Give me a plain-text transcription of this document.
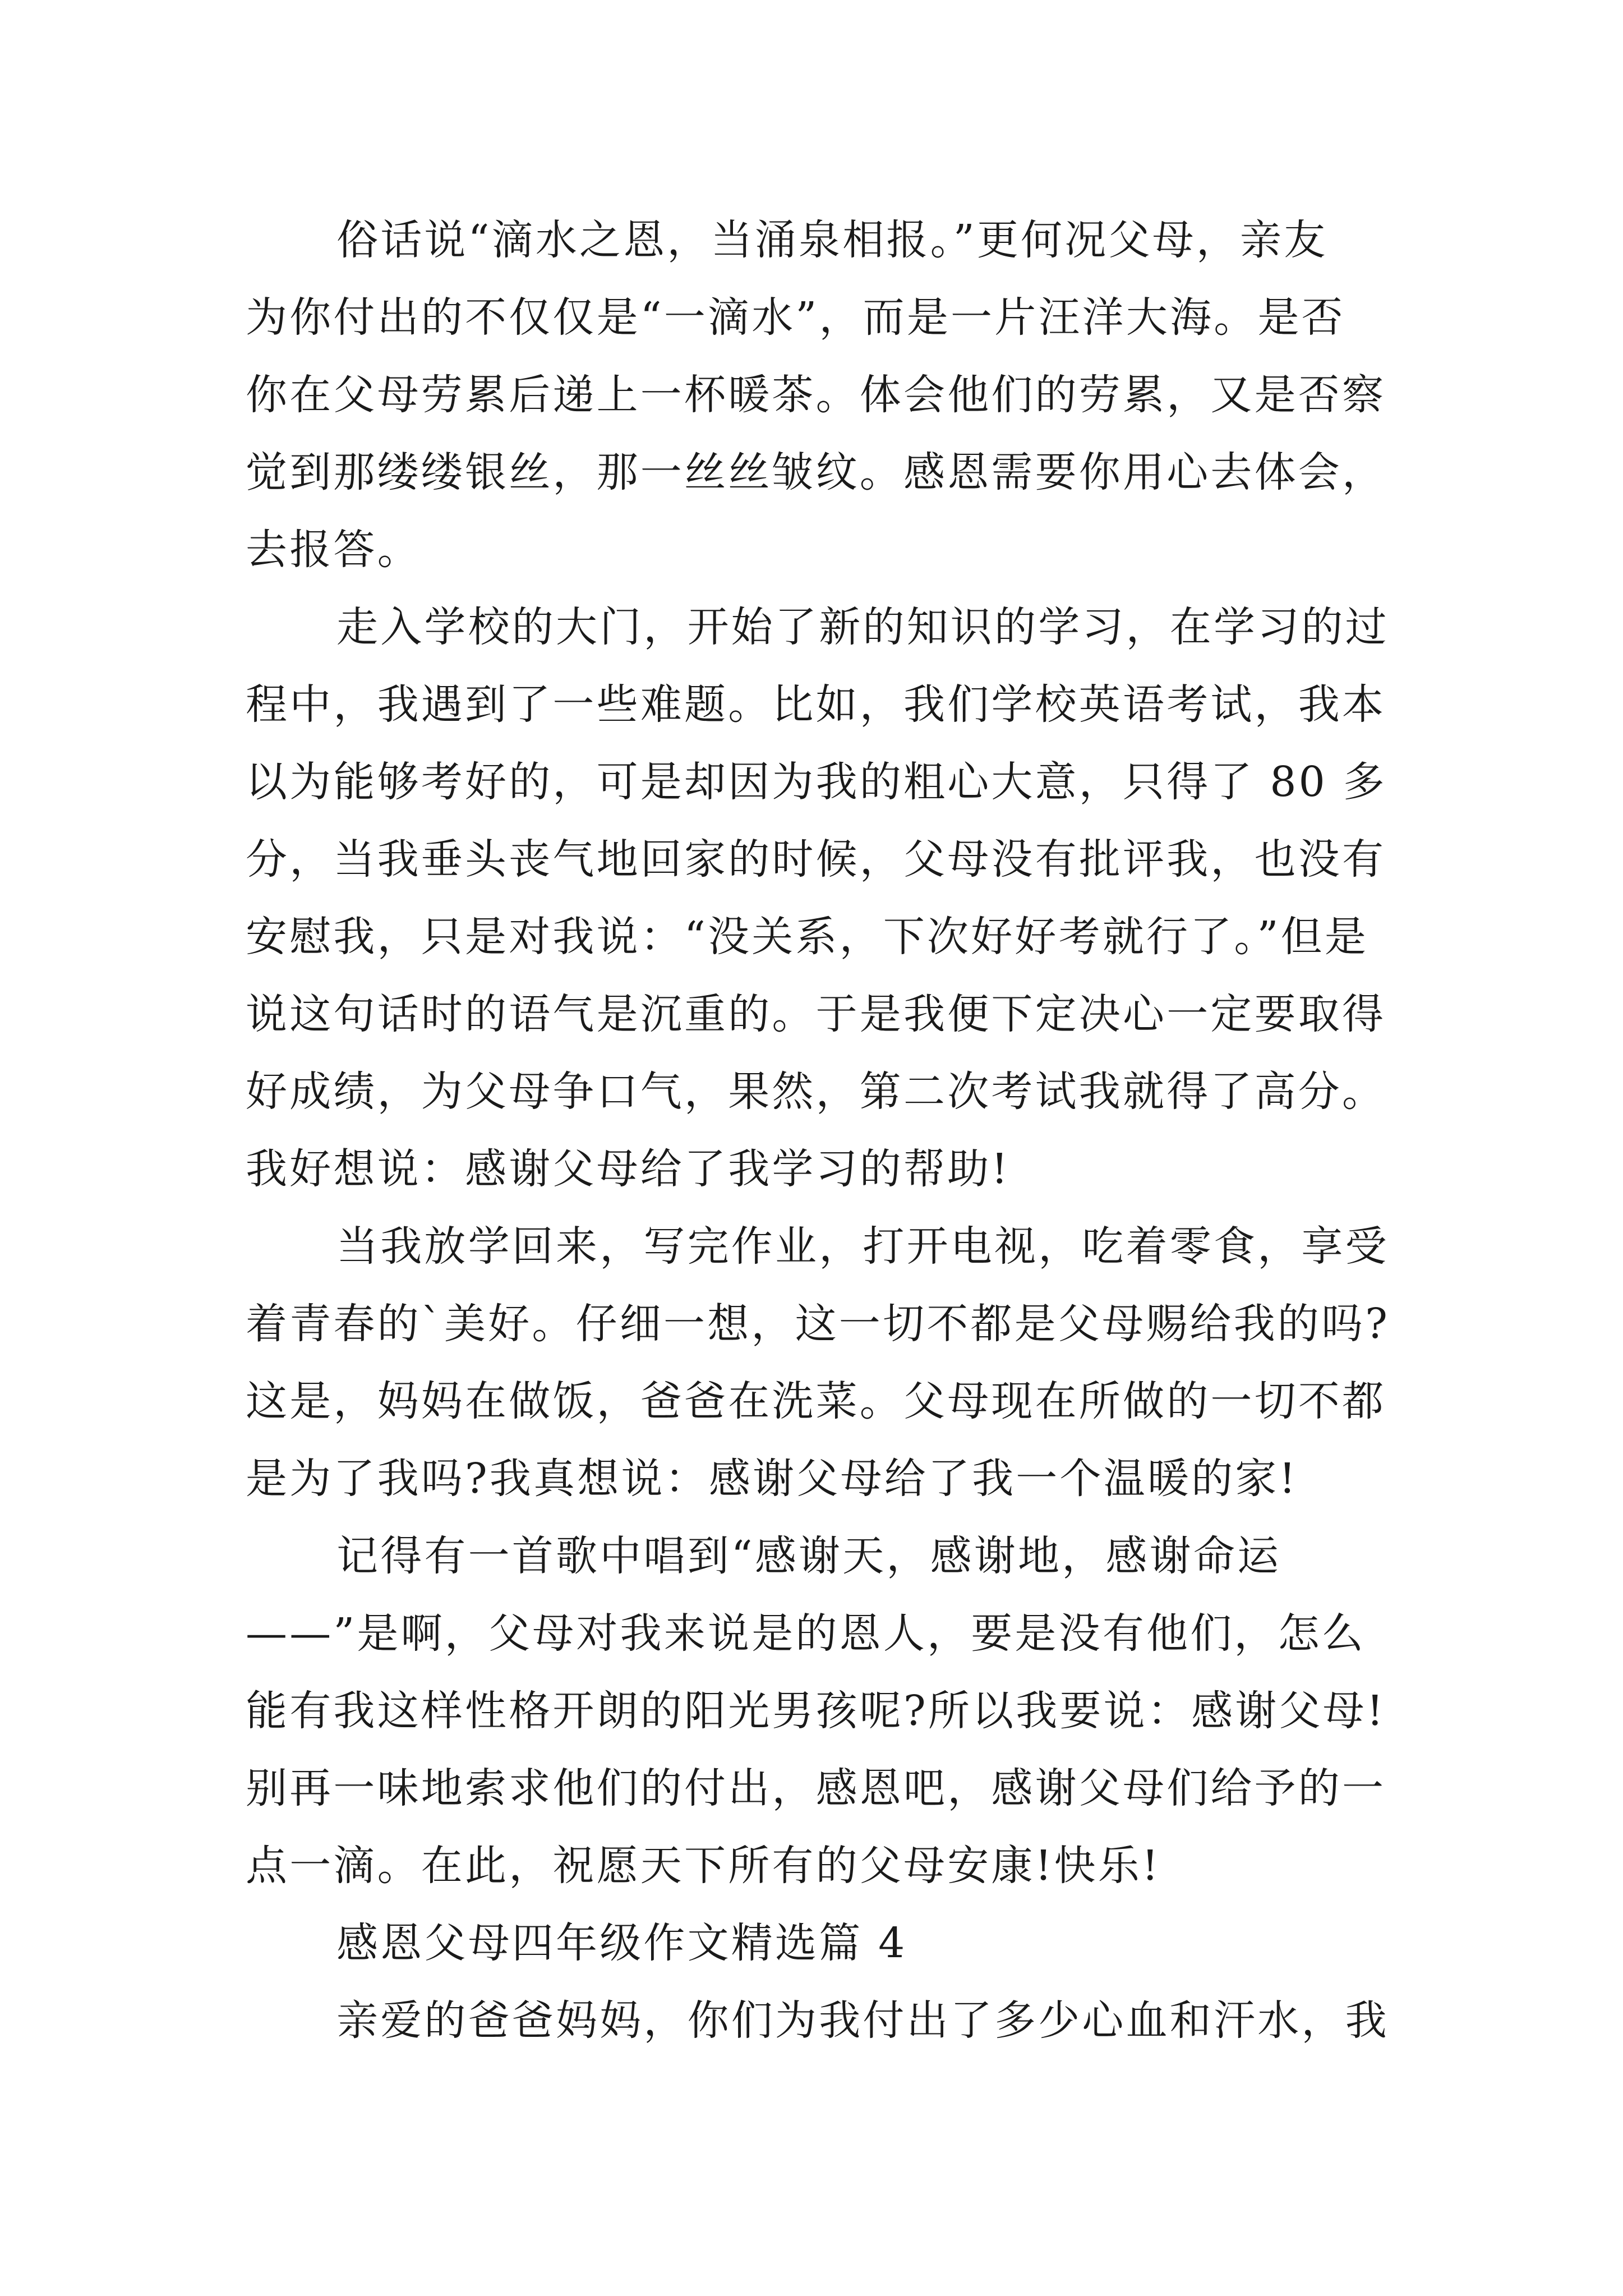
俗话说“滴水之恩，当涌泉相报。”更何况父母，亲友
为你付出的不仅仅是“一滴水”，而是一片汪洋大海。是否
你在父母劳累后递上一杯暖茶。体会他们的劳累，又是否察
觉到那缕缕银丝，那一丝丝皱纹。感恩需要你用心去体会，
去报答。
走入学校的大门，开始了新的知识的学习，在学习的过
程中，我遇到了一些难题。比如，我们学校英语考试，我本
以为能够考好的，可是却因为我的粗心大意，只得了 80 多
分，当我垂头丧气地回家的时候，父母没有批评我，也没有
安慰我，只是对我说：“没关系，下次好好考就行了。”但是
说这句话时的语气是沉重的。于是我便下定决心一定要取得
好成绩，为父母争口气，果然，第二次考试我就得了高分。
我好想说：感谢父母给了我学习的帮助!
当我放学回来，写完作业，打开电视，吃着零食，享受
着青春的`美好。仔细一想，这一切不都是父母赐给我的吗?
这是，妈妈在做饭，爸爸在洗菜。父母现在所做的一切不都
是为了我吗?我真想说：感谢父母给了我一个温暖的家!
记得有一首歌中唱到“感谢天，感谢地，感谢命运
——”是啊，父母对我来说是的恩人，要是没有他们，怎么
能有我这样性格开朗的阳光男孩呢?所以我要说：感谢父母!
别再一味地索求他们的付出，感恩吧，感谢父母们给予的一
点一滴。在此，祝愿天下所有的父母安康!快乐!
感恩父母四年级作文精选篇 4
亲爱的爸爸妈妈，你们为我付出了多少心血和汗水，我
